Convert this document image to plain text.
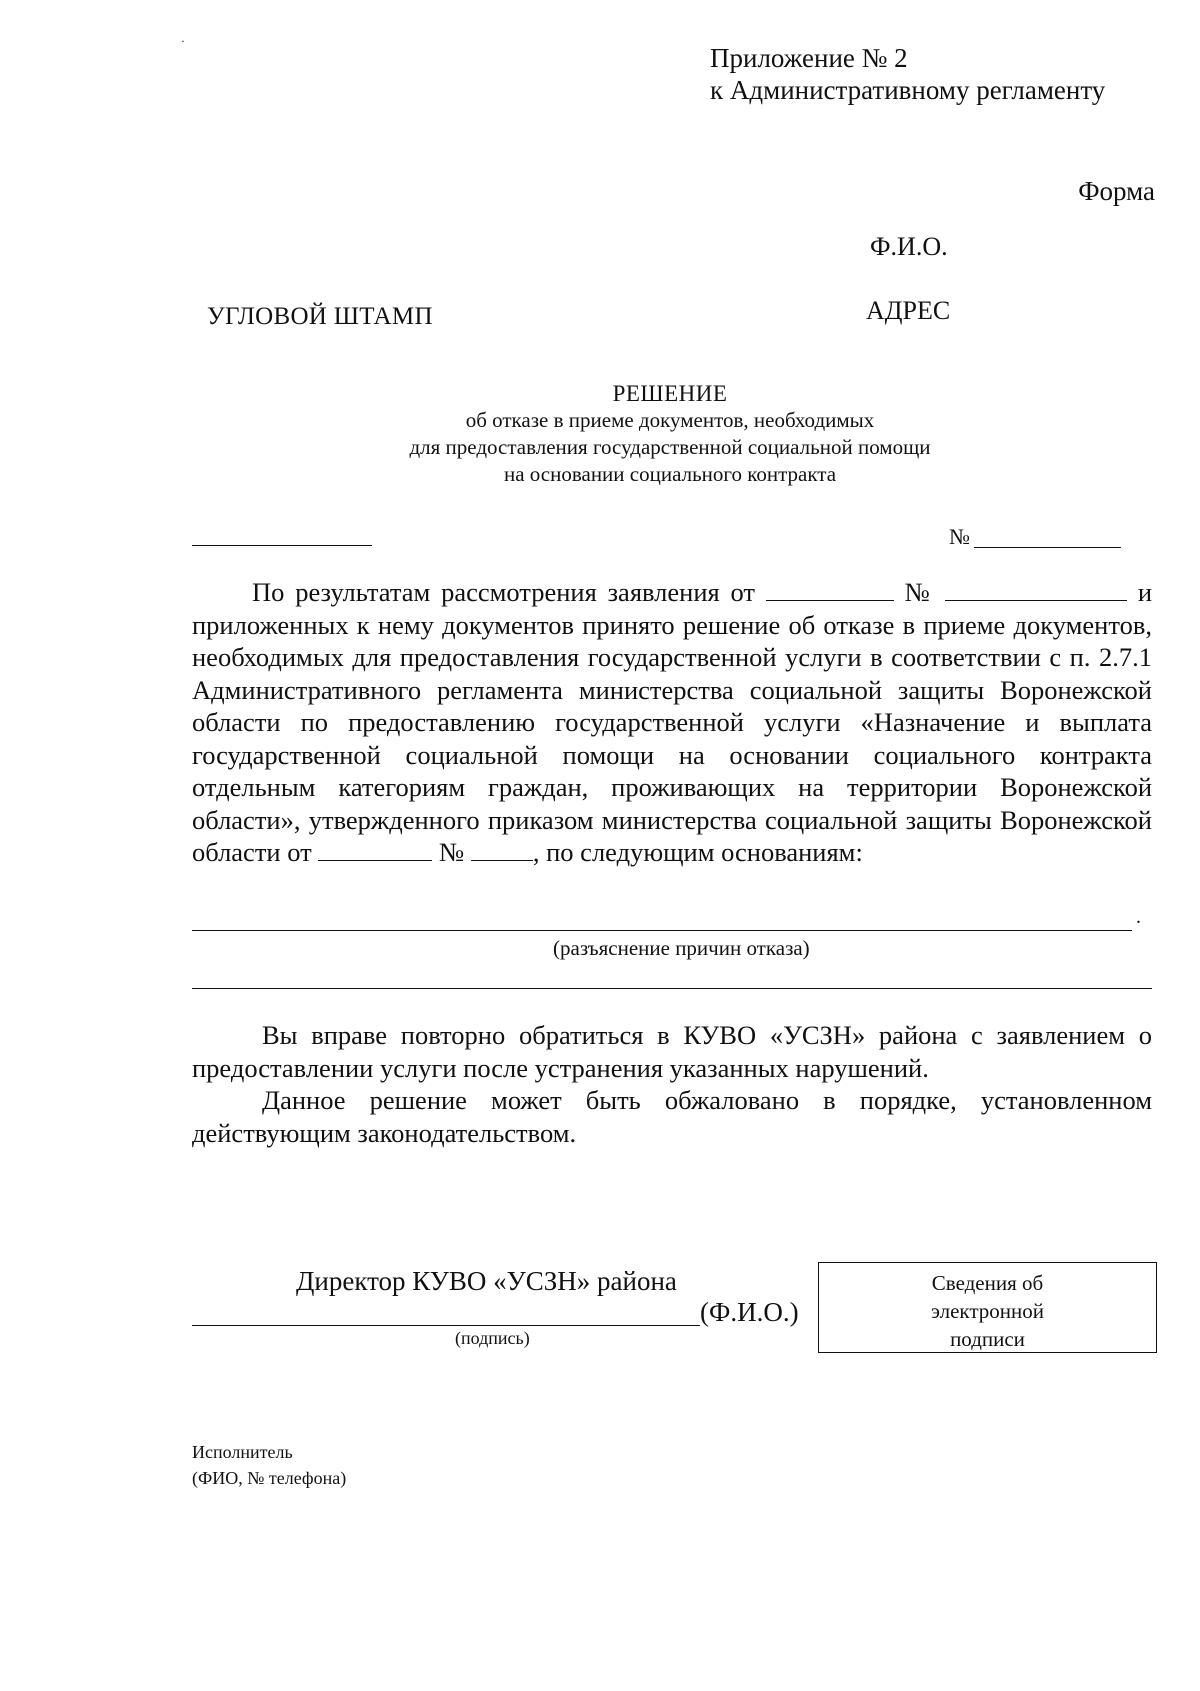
·
Приложение № 2
к Административному регламенту
Форма
Ф.И.О.
УГЛОВОЙ ШТАМП	АДРЕС
РЕШЕНИЕ
об отказе в приеме документов, необходимых
для предоставления государственной социальной помощи
на основании социального контракта
№

По результатам рассмотрения заявления от	№	и приложенных к нему документов принято решение об отказе в приеме документов, необходимых для предоставления государственной услуги в соответствии с п. 2.7.1 Административного регламента министерства социальной защиты Воронежской области по предоставлению государственной услуги «Назначение и выплата государственной социальной помощи на основании социального контракта отдельным категориям граждан, проживающих на территории Воронежской области», утвержденного приказом министерства социальной защиты Воронежской области от	№	, по следующим основаниям:

.
(разъяснение причин отказа)

Вы вправе повторно обратиться в КУВО «УСЗН» района с заявлением о предоставлении услуги после устранения указанных нарушений.

Данное решение может быть обжаловано в порядке, установленном действующим законодательством.

Директор КУВО «УСЗН» района
(Ф.И.О.)
(подпись)
Сведения об
электронной
подписи
Исполнитель
(ФИО, № телефона)
